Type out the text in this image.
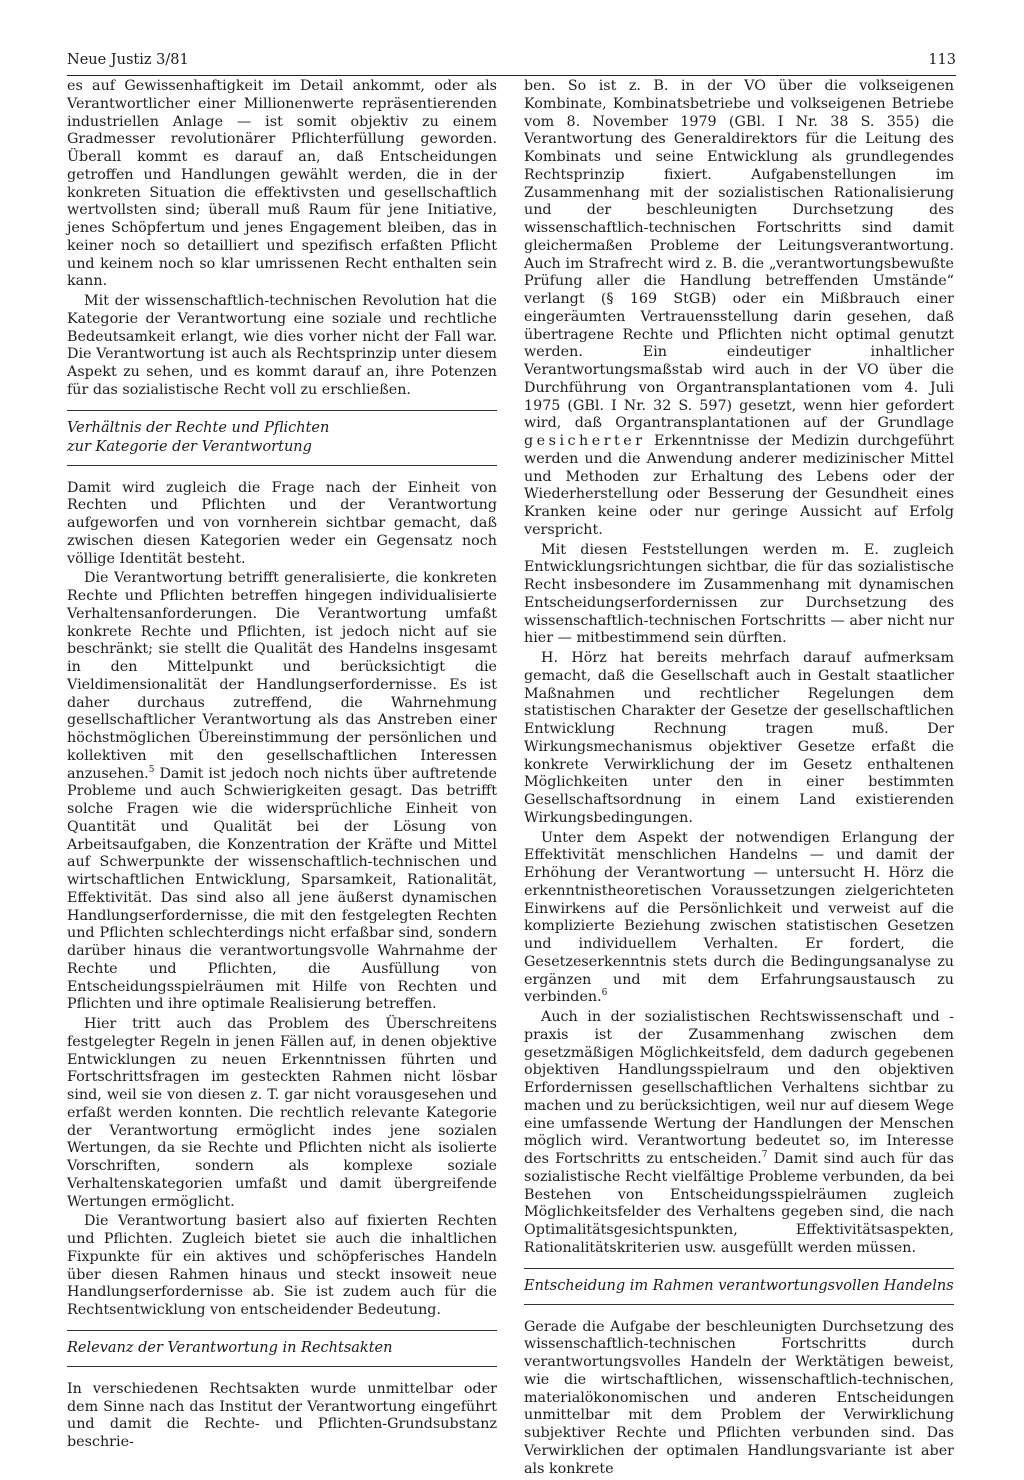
Neue Justiz 3/81	113

es auf Gewissenhaftigkeit im Detail ankommt, oder als Verantwortlicher einer Millionenwerte repräsentierenden industriellen Anlage — ist somit objektiv zu einem Gradmesser revolutionärer Pflichterfüllung geworden. Überall kommt es darauf an, daß Entscheidungen getroffen und Handlungen gewählt werden, die in der konkreten Situation die effektivsten und gesellschaftlich wertvollsten sind; überall muß Raum für jene Initiative, jenes Schöpfertum und jenes Engagement bleiben, das in keiner noch so detailliert und spezifisch erfaßten Pflicht und keinem noch so klar umrissenen Recht enthalten sein kann.

Mit der wissenschaftlich-technischen Revolution hat die Kategorie der Verantwortung eine soziale und rechtliche Bedeutsamkeit erlangt, wie dies vorher nicht der Fall war. Die Verantwortung ist auch als Rechtsprinzip unter diesem Aspekt zu sehen, und es kommt darauf an, ihre Potenzen für das sozialistische Recht voll zu erschließen.

Verhältnis der Rechte und Pflichten
zur Kategorie der Verantwortung

Damit wird zugleich die Frage nach der Einheit von Rechten und Pflichten und der Verantwortung aufgeworfen und von vornherein sichtbar gemacht, daß zwischen diesen Kategorien weder ein Gegensatz noch völlige Identität besteht.

Die Verantwortung betrifft generalisierte, die konkreten Rechte und Pflichten betreffen hingegen individualisierte Verhaltensanforderungen. Die Verantwortung umfaßt konkrete Rechte und Pflichten, ist jedoch nicht auf sie beschränkt; sie stellt die Qualität des Handelns insgesamt in den Mittelpunkt und berücksichtigt die Vieldimensionalität der Handlungserfordernisse. Es ist daher durchaus zutreffend, die Wahrnehmung gesellschaftlicher Verantwortung als das Anstreben einer höchstmöglichen Übereinstimmung der persönlichen und kollektiven mit den gesellschaftlichen Interessen anzusehen.$^5$ Damit ist jedoch noch nichts über auftretende Probleme und auch Schwierigkeiten gesagt. Das betrifft solche Fragen wie die widersprüchliche Einheit von Quantität und Qualität bei der Lösung von Arbeitsaufgaben, die Konzentration der Kräfte und Mittel auf Schwerpunkte der wissenschaftlich-technischen und wirtschaftlichen Entwicklung, Sparsamkeit, Rationalität, Effektivität. Das sind also all jene äußerst dynamischen Handlungserfordernisse, die mit den festgelegten Rechten und Pflichten schlechterdings nicht erfaßbar sind, sondern darüber hinaus die verantwortungsvolle Wahrnahme der Rechte und Pflichten, die Ausfüllung von Entscheidungsspielräumen mit Hilfe von Rechten und Pflichten und ihre optimale Realisierung betreffen.

Hier tritt auch das Problem des Überschreitens festgelegter Regeln in jenen Fällen auf, in denen objektive Entwicklungen zu neuen Erkenntnissen führten und Fortschrittsfragen im gesteckten Rahmen nicht lösbar sind, weil sie von diesen z. T. gar nicht vorausgesehen und erfaßt werden konnten. Die rechtlich relevante Kategorie der Verantwortung ermöglicht indes jene sozialen Wertungen, da sie Rechte und Pflichten nicht als isolierte Vorschriften, sondern als komplexe soziale Verhaltenskategorien umfaßt und damit übergreifende Wertungen ermöglicht.

Die Verantwortung basiert also auf fixierten Rechten und Pflichten. Zugleich bietet sie auch die inhaltlichen Fixpunkte für ein aktives und schöpferisches Handeln über diesen Rahmen hinaus und steckt insoweit neue Handlungserfordernisse ab. Sie ist zudem auch für die Rechtsentwicklung von entscheidender Bedeutung.

Relevanz der Verantwortung in Rechtsakten

In verschiedenen Rechtsakten wurde unmittelbar oder dem Sinne nach das Institut der Verantwortung eingeführt und damit die Rechte- und Pflichten-Grundsubstanz beschrie-

ben. So ist z. B. in der VO über die volkseigenen Kombinate, Kombinatsbetriebe und volkseigenen Betriebe vom 8. November 1979 (GBl. I Nr. 38 S. 355) die Verantwortung des Generaldirektors für die Leitung des Kombinats und seine Entwicklung als grundlegendes Rechtsprinzip fixiert. Aufgabenstellungen im Zusammenhang mit der sozialistischen Rationalisierung und der beschleunigten Durchsetzung des wissenschaftlich-technischen Fortschritts sind damit gleichermaßen Probleme der Leitungsverantwortung. Auch im Strafrecht wird z. B. die „verantwortungsbewußte Prüfung aller die Handlung betreffenden Umstände“ verlangt (§ 169 StGB) oder ein Mißbrauch einer eingeräumten Vertrauensstellung darin gesehen, daß übertragene Rechte und Pflichten nicht optimal genutzt werden. Ein eindeutiger inhaltlicher Verantwortungsmaßstab wird auch in der VO über die Durchführung von Organtransplantationen vom 4. Juli 1975 (GBl. I Nr. 32 S. 597) gesetzt, wenn hier gefordert wird, daß Organtransplantationen auf der Grundlage gesicherter Erkenntnisse der Medizin durchgeführt werden und die Anwendung anderer medizinischer Mittel und Methoden zur Erhaltung des Lebens oder der Wiederherstellung oder Besserung der Gesundheit eines Kranken keine oder nur geringe Aussicht auf Erfolg verspricht.

Mit diesen Feststellungen werden m. E. zugleich Entwicklungsrichtungen sichtbar, die für das sozialistische Recht insbesondere im Zusammenhang mit dynamischen Entscheidungserfordernissen zur Durchsetzung des wissenschaftlich-technischen Fortschritts — aber nicht nur hier — mitbestimmend sein dürften.

H. Hörz hat bereits mehrfach darauf aufmerksam gemacht, daß die Gesellschaft auch in Gestalt staatlicher Maßnahmen und rechtlicher Regelungen dem statistischen Charakter der Gesetze der gesellschaftlichen Entwicklung Rechnung tragen muß. Der Wirkungsmechanismus objektiver Gesetze erfaßt die konkrete Verwirklichung der im Gesetz enthaltenen Möglichkeiten unter den in einer bestimmten Gesellschaftsordnung in einem Land existierenden Wirkungsbedingungen.

Unter dem Aspekt der notwendigen Erlangung der Effektivität menschlichen Handelns — und damit der Erhöhung der Verantwortung — untersucht H. Hörz die erkenntnistheoretischen Voraussetzungen zielgerichteten Einwirkens auf die Persönlichkeit und verweist auf die komplizierte Beziehung zwischen statistischen Gesetzen und individuellem Verhalten. Er fordert, die Gesetzeserkenntnis stets durch die Bedingungsanalyse zu ergänzen und mit dem Erfahrungsaustausch zu verbinden.$^6$

Auch in der sozialistischen Rechtswissenschaft und -praxis ist der Zusammenhang zwischen dem gesetzmäßigen Möglichkeitsfeld, dem dadurch gegebenen objektiven Handlungsspielraum und den objektiven Erfordernissen gesellschaftlichen Verhaltens sichtbar zu machen und zu berücksichtigen, weil nur auf diesem Wege eine umfassende Wertung der Handlungen der Menschen möglich wird. Verantwortung bedeutet so, im Interesse des Fortschritts zu entscheiden.$^7$ Damit sind auch für das sozialistische Recht vielfältige Probleme verbunden, da bei Bestehen von Entscheidungsspielräumen zugleich Möglichkeitsfelder des Verhaltens gegeben sind, die nach Optimalitätsgesichtspunkten, Effektivitätsaspekten, Rationalitätskriterien usw. ausgefüllt werden müssen.

Entscheidung im Rahmen verantwortungsvollen Handelns

Gerade die Aufgabe der beschleunigten Durchsetzung des wissenschaftlich-technischen Fortschritts durch verantwortungsvolles Handeln der Werktätigen beweist, wie die wirtschaftlichen, wissenschaftlich-technischen, materialökonomischen und anderen Entscheidungen unmittelbar mit dem Problem der Verwirklichung subjektiver Rechte und Pflichten verbunden sind. Das Verwirklichen der optimalen Handlungsvariante ist aber als konkrete
